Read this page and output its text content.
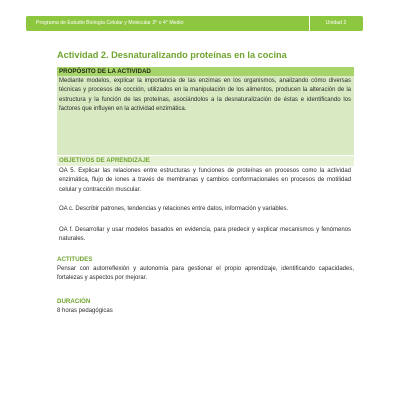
Programa de Estudio Biología Celular y Molecular 3° o 4° Medio	Unidad 2
Actividad 2. Desnaturalizando proteínas en la cocina
PROPÓSITO DE LA ACTIVIDAD

Mediante modelos, explicar la importancia de las enzimas en los organismos, analizando cómo diversas técnicas y procesos de cocción, utilizados en la manipulación de los alimentos, producen la alteración de la estructura y la función de las proteínas, asociándolos a la desnaturalización de éstas e identificando los factores que influyen en la actividad enzimática.

OBJETIVOS DE APRENDIZAJE

OA 5. Explicar las relaciones entre estructuras y funciones de proteínas en procesos como la actividad enzimática, flujo de iones a través de membranas y cambios conformacionales en procesos de motilidad celular y contracción muscular.

OA c. Describir patrones, tendencias y relaciones entre datos, información y variables.

OA f. Desarrollar y usar modelos basados en evidencia, para predecir y explicar mecanismos y fenómenos naturales.

ACTITUDES

Pensar con autorreflexión y autonomía para gestionar el propio aprendizaje, identificando capacidades, fortalezas y aspectos por mejorar.

DURACIÓN

8 horas pedagógicas
